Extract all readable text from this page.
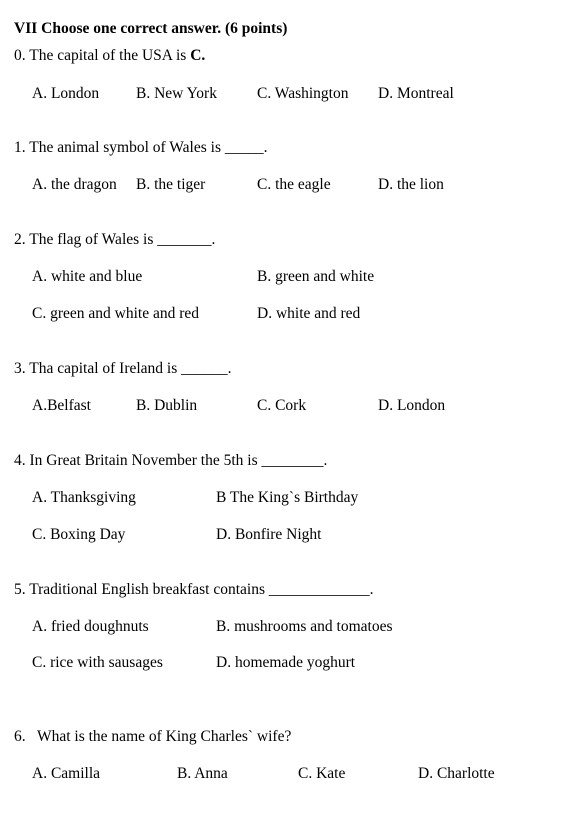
VII Choose one correct answer. (6 points)
0. The capital of the USA is C.
A. London B. New York	C. Washington D. Montreal
1. The animal symbol of Wales is _____.
A. the dragon B. the tiger	C. the eagle	D. the lion
2. The flag of Wales is _______.
A. white and blue	B. green and white
C. green and white and red	D. white and red
3. Tha capital of Ireland is ______.
A.Belfast	B. Dublin	C. Cork	D. London
4. In Great Britain November the 5th is ________.
A. Thanksgiving	B The King`s Birthday
C. Boxing Day	D. Bonfire Night
5. Traditional English breakfast contains _____________.
A. fried doughnuts	B. mushrooms and tomatoes
C. rice with sausages	D. homemade yoghurt
6.   What is the name of King Charles` wife?
A. Camilla	B. Anna	C. Kate	D. Charlotte
